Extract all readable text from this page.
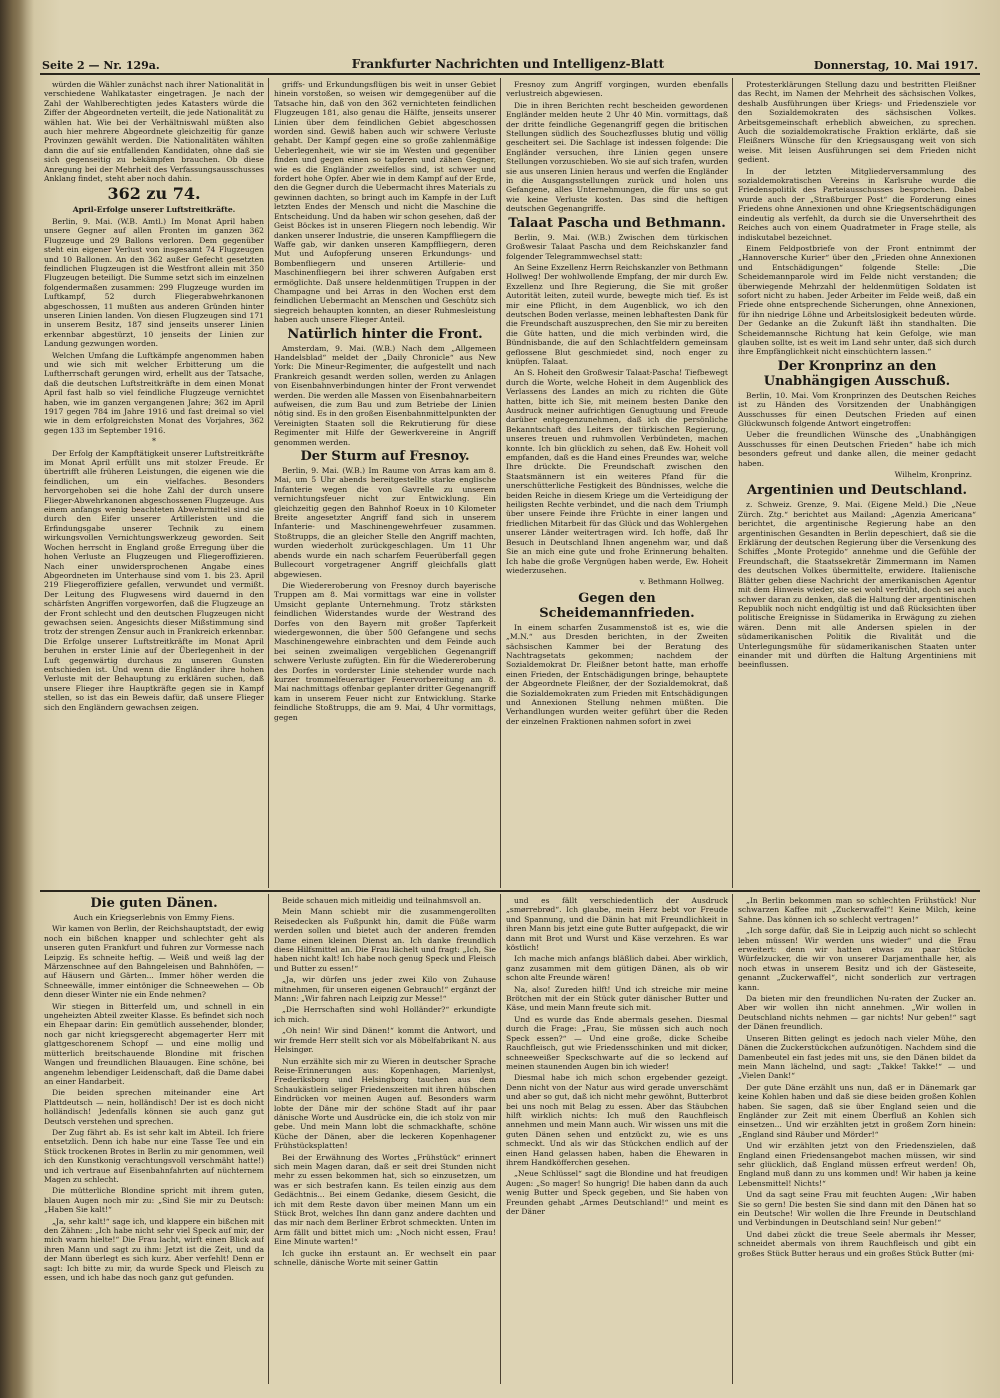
Seite 2 — Nr. 129a.	Frankfurter Nachrichten und Intelligenz-Blatt	Donnerstag, 10. Mai 1917.

würden die Wähler zunächst nach ihrer Nationalität in verschiedene Wahlkataster eingetragen. Je nach der Zahl der Wahlberechtigten jedes Katasters würde die Ziffer der Abgeordneten verteilt, die jede Nationalität zu wählen hat. Wie bei der Verhältniswahl müßten also auch hier mehrere Abgeordnete gleichzeitig für ganze Provinzen gewählt werden. Die Nationalitäten wählten dann die auf sie entfallenden Kandidaten, ohne daß sie sich gegenseitig zu bekämpfen brauchen. Ob diese Anregung bei der Mehrheit des Verfassungsausschusses Anklang findet, steht aber noch dahin.

362 zu 74.

April-Erfolge unserer Luftstreitkräfte.

Berlin, 9. Mai. (W.B. Amtl.) Im Monat April haben unsere Gegner auf allen Fronten im ganzen 362 Flugzeuge und 29 Ballons verloren. Dem gegenüber steht ein eigener Verlust von insgesamt 74 Flugzeugen und 10 Ballonen. An den 362 außer Gefecht gesetzten feindlichen Flugzeugen ist die Westfront allein mit 350 Flugzeugen beteiligt. Die Summe setzt sich im einzelnen folgendermaßen zusammen: 299 Flugzeuge wurden im Luftkampf, 52 durch Fliegerabwehrkanonen abgeschossen, 11 mußten aus anderen Gründen hinter unseren Linien landen. Von diesen Flugzeugen sind 171 in unserem Besitz, 187 sind jenseits unserer Linien erkennbar abgestürzt, 10 jenseits der Linien zur Landung gezwungen worden.

Welchen Umfang die Luftkämpfe angenommen haben und wie sich mit welcher Erbitterung um die Luftherrschaft gerungen wird, erhellt aus der Tatsache, daß die deutschen Luftstreitkräfte in dem einen Monat April fast halb so viel feindliche Flugzeuge vernichtet haben, wie im ganzen vergangenen Jahre; 362 im April 1917 gegen 784 im Jahre 1916 und fast dreimal so viel wie in dem erfolgreichsten Monat des Vorjahres, 362 gegen 133 im September 1916.

*

Der Erfolg der Kampftätigkeit unserer Luftstreitkräfte im Monat April erfüllt uns mit stolzer Freude. Er übertrifft alle früheren Leistungen, die eigenen wie die feindlichen, um ein vielfaches. Besonders hervorgehoben sei die hohe Zahl der durch unsere Flieger-Abwehrkanonen abgeschossenen Flugzeuge. Aus einem anfangs wenig beachteten Abwehrmittel sind sie durch den Eifer unserer Artilleristen und die Erfindungsgabe unserer Technik zu einem wirkungsvollen Vernichtungswerkzeug geworden. Seit Wochen herrscht in England große Erregung über die hohen Verluste an Flugzeugen und Fliegeroffizieren. Nach einer unwidersprochenen Angabe eines Abgeordneten im Unterhause sind vom 1. bis 23. April 219 Fliegeroffiziere gefallen, verwundet und vermißt. Der Leitung des Flugwesens wird dauernd in den schärfsten Angriffen vorgeworfen, daß die Flugzeuge an der Front schlecht und den deutschen Flugzeugen nicht gewachsen seien. Angesichts dieser Mißstimmung sind trotz der strengen Zensur auch in Frankreich erkennbar. Die Erfolge unserer Luftstreitkräfte im Monat April beruhen in erster Linie auf der Überlegenheit in der Luft gegenwärtig durchaus zu unseren Gunsten entschieden ist. Und wenn die Engländer ihre hohen Verluste mit der Behauptung zu erklären suchen, daß unsere Flieger ihre Hauptkräfte gegen sie in Kampf stellen, so ist das ein Beweis dafür, daß unsere Flieger sich den Engländern gewachsen zeigen.

griffs- und Erkundungsflügen bis weit in unser Gebiet hinein vorstoßen, so weisen wir demgegenüber auf die Tatsache hin, daß von den 362 vernichteten feindlichen Flugzeugen 181, also genau die Hälfte, jenseits unserer Linien über dem feindlichen Gebiet abgeschossen worden sind. Gewiß haben auch wir schwere Verluste gehabt. Der Kampf gegen eine so große zahlenmäßige Ueberlegenheit, wie wir sie im Westen und gegenüber finden und gegen einen so tapferen und zähen Gegner, wie es die Engländer zweifellos sind, ist schwer und fordert hohe Opfer. Aber wie in dem Kampf auf der Erde, den die Gegner durch die Uebermacht ihres Materials zu gewinnen dachten, so bringt auch im Kampfe in der Luft letzten Endes der Mensch und nicht die Maschine die Entscheidung. Und da haben wir schon gesehen, daß der Geist Böckes ist in unseren Fliegern noch lebendig. Wir danken unserer Industrie, die unseren Kampffliegern die Waffe gab, wir danken unseren Kampffliegern, deren Mut und Aufopferung unseren Erkundungs- und Bombenfliegern und unseren Artillerie- und Maschinenfliegern bei ihrer schweren Aufgaben erst ermöglichte. Daß unsere heldenmütigen Truppen in der Champagne und bei Arras in den Wochen erst dem feindlichen Uebermacht an Menschen und Geschütz sich siegreich behaupten konnten, an dieser Ruhmesleistung haben auch unsere Flieger Anteil.

Natürlich hinter die Front.

Amsterdam, 9. Mai. (W.B.) Nach dem „Allgemeen Handelsblad“ meldet der „Daily Chronicle“ aus New York: Die Mineur-Regimenter, die aufgestellt und nach Frankreich gesandt werden sollen, werden zu Anlagen von Eisenbahnverbindungen hinter der Front verwendet werden. Die werden alle Massen von Eisenbahnarbeitern aufweisen, die zum Bau und zum Betriebe der Linien nötig sind. Es in den großen Eisenbahnmittelpunkten der Vereinigten Staaten soll die Rekrutierung für diese Regimenter mit Hilfe der Gewerkvereine in Angriff genommen werden.

Der Sturm auf Fresnoy.

Berlin, 9. Mai. (W.B.) Im Raume von Arras kam am 8. Mai, um 5 Uhr abends bereitgestellte starke englische Infanterie wegen die von Gavrelle zu unserem vernichtungsfeuer nicht zur Entwicklung. Ein gleichzeitig gegen den Bahnhof Roeux in 10 Kilometer Breite angesetzter Angriff fand sich in unserem Infanterie- und Maschinengewehrfeuer zusammen. Stoßtrupps, die an gleicher Stelle den Angriff machten, wurden wiederholt zurückgeschlagen. Um 11 Uhr abends wurde ein nach scharfem Feuerüberfall gegen Bullecourt vorgetragener Angriff gleichfalls glatt abgewiesen.

Die Wiedereroberung von Fresnoy durch bayerische Truppen am 8. Mai vormittags war eine in vollster Umsicht geplante Unternehmung. Trotz stärksten feindlichen Widerstandes wurde der Westrand des Dorfes von den Bayern mit großer Tapferkeit wiedergewonnen, die über 500 Gefangene und sechs Maschinengewehre einbrachten und dem Feinde auch bei seinen zweimaligen vergeblichen Gegenangriff schwere Verluste zufügten. Ein für die Wiedereroberung des Dorfes in vorderster Linie stehender wurde nach kurzer trommelfeuerartiger Feuervorbereitung am 8. Mai nachmittags offenbar geplanter dritter Gegenangriff kam in unserem Feuer nicht zur Entwicklung. Starke feindliche Stoßtrupps, die am 9. Mai, 4 Uhr vormittags, gegen

Fresnoy zum Angriff vorgingen, wurden ebenfalls verlustreich abgewiesen.

Die in ihren Berichten recht bescheiden gewordenen Engländer melden heute 2 Uhr 40 Min. vormittags, daß der dritte feindliche Gegenangriff gegen die britischen Stellungen südlich des Souchezflusses blutig und völlig gescheitert sei. Die Sachlage ist indessen folgende: Die Engländer versuchen, ihre Linien gegen unsere Stellungen vorzuschieben. Wo sie auf sich trafen, wurden sie aus unseren Linien heraus und werfen die Engländer in die Ausgangsstellungen zurück und holen uns Gefangene, alles Unternehmungen, die für uns so gut wie keine Verluste kosten. Das sind die heftigen deutschen Gegenangriffe.

Talaat Pascha und Bethmann.

Berlin, 9. Mai. (W.B.) Zwischen dem türkischen Großwesir Talaat Pascha und dem Reichskanzler fand folgender Telegrammwechsel statt:

An Seine Exzellenz Herrn Reichskanzler von Bethmann Hollweg! Der wohlwollende Empfang, der mir durch Ew. Exzellenz und Ihre Regierung, die Sie mit großer Autorität leiten, zuteil wurde, bewegte mich tief. Es ist mir eine Pflicht, in dem Augenblick, wo ich den deutschen Boden verlasse, meinen lebhaftesten Dank für die Freundschaft auszusprechen, den Sie mir zu bereiten die Güte hatten, und die mich verbinden wird, die Bündnisbande, die auf den Schlachtfeldern gemeinsam geflossene Blut geschmiedet sind, noch enger zu knüpfen. Talaat.

An S. Hoheit den Großwesir Talaat-Pascha! Tiefbewegt durch die Worte, welche Hoheit in dem Augenblick des Verlassens des Landes an mich zu richten die Güte hatten, bitte ich Sie, mit meinem besten Danke den Ausdruck meiner aufrichtigen Genugtuung und Freude darüber entgegenzunehmen, daß ich die persönliche Bekanntschaft des Leiters der türkischen Regierung, unseres treuen und ruhmvollen Verbündeten, machen konnte. Ich bin glücklich zu sehen, daß Ew. Hoheit voll empfanden, daß es die Hand eines Freundes war, welche Ihre drückte. Die Freundschaft zwischen den Staatsmännern ist ein weiteres Pfand für die unerschütterliche Festigkeit des Bündnisses, welche die beiden Reiche in diesem Kriege um die Verteidigung der heiligsten Rechte verbindet, und die nach dem Triumph über unsere Feinde ihre Früchte in einer langen und friedlichen Mitarbeit für das Glück und das Wohlergehen unserer Länder weitertragen wird. Ich hoffe, daß Ihr Besuch in Deutschland Ihnen angenehm war, und daß Sie an mich eine gute und frohe Erinnerung behalten. Ich habe die große Vergnügen haben werde, Ew. Hoheit wiederzusehen.

v. Bethmann Hollweg.

Gegen den Scheidemannfrieden.

In einem scharfen Zusammenstoß ist es, wie die „M.N.“ aus Dresden berichten, in der Zweiten sächsischen Kammer bei der Beratung des Nachtragsetats gekommen; nachdem der Sozialdemokrat Dr. Fleißner betont hatte, man erhoffe einen Frieden, der Entschädigungen bringe, behauptete der Abgeordnete Fleißner, der der Sozialdemokrat, daß die Sozialdemokraten zum Frieden mit Entschädigungen und Annexionen Stellung nehmen müßten. Die Verhandlungen wurden weiter geführt über die Reden der einzelnen Fraktionen nahmen sofort in zwei

Protesterklärungen Stellung dazu und bestritten Fleißner das Recht, im Namen der Mehrheit des sächsischen Volkes, deshalb Ausführungen über Kriegs- und Friedensziele vor den Sozialdemokraten des sächsischen Volkes. Arbeitsgemeinschaft erheblich abweichen, zu sprechen. Auch die sozialdemokratische Fraktion erklärte, daß sie Fleißners Wünsche für den Kriegsausgang weit von sich weise. Mit leisen Ausführungen sei dem Frieden nicht gedient.

In der letzten Mitgliederversammlung des sozialdemokratischen Vereins in Karlsruhe wurde die Friedenspolitik des Parteiausschusses besprochen. Dabei wurde auch der „Straßburger Post“ die Forderung eines Friedens ohne Annexionen und ohne Kriegsentschädigungen eindeutig als verfehlt, da durch sie die Unversehrtheit des Reiches auch von einem Quadratmeter in Frage stelle, als indiskutabel bezeichnet.

Einem Feldpostbriefe von der Front entnimmt der „Hannoversche Kurier“ über den „Frieden ohne Annexionen und Entschädigungen“ folgende Stelle: „Die Scheidemannparole wird im Felde nicht verstanden; die überwiegende Mehrzahl der heldenmütigen Soldaten ist sofort nicht zu haben. Jeder Arbeiter im Felde weiß, daß ein Friede ohne entsprechende Sicherungen, ohne Annexionen, für ihn niedrige Löhne und Arbeitslosigkeit bedeuten würde. Der Gedanke an die Zukunft läßt ihn standhalten. Die Scheidemannsche Richtung hat kein Gefolge, wie man glauben sollte, ist es weit im Land sehr unter, daß sich durch ihre Empfänglichkeit nicht einschüchtern lassen.“

Der Kronprinz an den Unabhängigen Ausschuß.

Berlin, 10. Mai. Vom Kronprinzen des Deutschen Reiches ist zu Händen des Vorsitzenden der Unabhängigen Ausschusses für einen Deutschen Frieden auf einen Glückwunsch folgende Antwort eingetroffen:

Ueber die freundlichen Wünsche des „Unabhängigen Ausschusses für einen Deutschen Frieden“ habe ich mich besonders gefreut und danke allen, die meiner gedacht haben.

Wilhelm, Kronprinz.

Argentinien und Deutschland.

z. Schweiz. Grenze, 9. Mai. (Eigene Meld.) Die „Neue Zürch. Ztg.“ berichtet aus Mailand: „Agenzia Americana“ berichtet, die argentinische Regierung habe an den argentinischen Gesandten in Berlin depeschiert, daß sie die Erklärung der deutschen Regierung über die Versenkung des Schiffes „Monte Protegido“ annehme und die Gefühle der Freundschaft, die Staatssekretär Zimmermann im Namen des deutschen Volkes übermittelte, erwidere. Italienische Blätter geben diese Nachricht der amerikanischen Agentur mit dem Hinweis wieder, sie sei wohl verfrüht, doch sei auch schwer daran zu denken, daß die Haltung der argentinischen Republik noch nicht endgültig ist und daß Rücksichten über politische Ereignisse in Südamerika in Erwägung zu ziehen wären. Denn mit alle Andersen spielen in der südamerikanischen Politik die Rivalität und die Unterlegungsmühe für südamerikanischen Staaten unter einander mit und dürften die Haltung Argentiniens mit beeinflussen.

Die guten Dänen.

Auch ein Kriegserlebnis von Emmy Fiens.

Wir kamen von Berlin, der Reichshauptstadt, der ewig noch ein bißchen knapper und schlechter geht als unseren guten Frankfurt und fuhren zur Vormesse nach Leipzig. Es schneite heftig. — Weiß und weiß lag der Märzenschnee auf den Bahngeleisen und Bahnhöfen, — auf Häusern und Gärten... Immer höher werden die Schneewälle, immer eintöniger die Schneewehen — Ob denn dieser Winter nie ein Ende nehmen?

Wir stiegen in Bitterfeld um, und schnell in ein ungeheizten Abteil zweiter Klasse. Es befindet sich noch ein Ehepaar darin: Ein gemütlich aussehender, blonder, noch gar nicht kriegsgerecht abgemagerter Herr mit glattgeschorenem Schopf — und eine mollig und mütterlich breitschauende Blondine mit frischen Wangen und freundlichen Blauaugen. Eine schöne, bei angenehm lebendiger Leidenschaft, daß die Dame dabei an einer Handarbeit.

Die beiden sprechen miteinander eine Art Plattdeutsch — nein, holländisch! Der ist es doch nicht holländisch! Jedenfalls können sie auch ganz gut Deutsch verstehen und sprechen.

Der Zug fährt ab. Es ist sehr kalt im Abteil. Ich friere entsetzlich. Denn ich habe nur eine Tasse Tee und ein Stück trockenen Brotes in Berlin zu mir genommen, weil ich den Kunstkonig verachtungsvoll verschmäht hatte!) und ich vertraue auf Eisenbahnfahrten auf nüchternem Magen zu schlecht.

Die mütterliche Blondine spricht mit ihrem guten, blauen Augen noch mir zu: „Sind Sie mir zu Deutsch: „Haben Sie kalt!“

„Ja, sehr kalt!“ sage ich, und klappere ein bißchen mit den Zähnen: „Ich habe nicht sehr viel Speck auf mir, der mich warm hielte!“ Die Frau lacht, wirft einen Blick auf ihren Mann und sagt zu ihm: Jetzt ist die Zeit, und da der Mann überlegt es sich kurz. Aber verfehlt! Denn er sagt: Ich bitte zu mir, da wurde Speck und Fleisch zu essen, und ich habe das noch ganz gut gefunden.

Beide schauen mich mitleidig und teilnahmsvoll an.

Mein Mann schiebt mir die zusammengerollten Reisedecken als Fußpunkt hin, damit die Füße warm werden sollen und bietet auch der anderen fremden Dame einen kleinen Dienst an. Ich danke freundlich diese Hilfsmittel an. Die Frau lächelt und fragt: „Ich, Sie haben nicht kalt! Ich habe noch genug Speck und Fleisch und Butter zu essen!“

„Ja, wir dürfen uns jeder zwei Kilo von Zuhause mitnehmen, für unseren eigenen Gebrauch!“ ergänzt der Mann: „Wir fahren nach Leipzig zur Messe!“

„Die Herrschaften sind wohl Holländer?“ erkundigte ich mich.

„Oh nein! Wir sind Dänen!“ kommt die Antwort, und wir fremde Herr stellt sich vor als Möbelfabrikant N. aus Helsingør.

Nun erzählte sich mir zu Wieren in deutscher Sprache Reise-Erinnerungen aus: Kopenhagen, Marienlyst, Frederiksborg und Helsingborg tauchen aus dem Schaukästlein seliger Friedenszeiten mit ihren hübschen Eindrücken vor meinen Augen auf. Besonders warm lobte der Däne mir der schöne Stadt auf ihr paar dänische Worte und Ausdrücke ein, die ich stolz von mir gebe. Und mein Mann lobt die schmackhafte, schöne Küche der Dänen, aber die leckeren Kopenhagener Frühstücksplatten!

Bei der Erwähnung des Wortes „Frühstück“ erinnert sich mein Magen daran, daß er seit drei Stunden nicht mehr zu essen bekommen hat, sich so einzusetzen, um was er sich bestrafen kann. Es teilen einzig aus dem Gedächtnis... Bei einem Gedanke, diesem Gesicht, die ich mit dem Reste davon über meinen Mann um ein Stück Brot, welches Ihn dann ganz andere dachten und das mir nach dem Berliner Erbrot schmeckten. Unten im Arm fällt und bittet mich um: „Noch nicht essen, Frau! Eine Minute warten!“

Ich gucke ihn erstaunt an. Er wechselt ein paar schnelle, dänische Worte mit seiner Gattin

und es fällt verschiedentlich der Ausdruck „smørrebrød“. Ich glaube, mein Herz bebt vor Freude und Spannung, und die Dänin hat mit Freundlichkeit in ihren Mann bis jetzt eine gute Butter aufgepackt, die wir dann mit Brot und Wurst und Käse verzehren. Es war köstlich!

Ich mache mich anfangs bläßlich dabei. Aber wirklich, ganz zusammen mit dem gütigen Dänen, als ob wir schon alte Freunde wären!

Na, also! Zureden hilft! Und ich streiche mir meine Brötchen mit der ein Stück guter dänischer Butter und Käse, und mein Mann freute sich mit.

Und es wurde das Ende abermals gesehen. Diesmal durch die Frage: „Frau, Sie müssen sich auch noch Speck essen?“ — Und eine große, dicke Scheibe Rauchfleisch, gut wie Friedensschinken und mit dicker, schneeweißer Speckschwarte auf die so leckend auf meinen staunenden Augen bin ich wieder!

Diesmal habe ich mich schon ergebender gezeigt. Denn nicht von der Natur aus wird gerade unverschämt und aber so gut, daß ich nicht mehr gewöhnt, Butterbrot bei uns noch mit Belag zu essen. Aber das Stäubchen hilft wirklich nichts: Ich muß den Rauchfleisch annehmen und mein Mann auch. Wir wissen uns mit die guten Dänen sehen und entzückt zu, wie es uns schmeckt. Und als wir das Stückchen endlich auf der einen Hand gelassen haben, haben die Ehewaren in ihrem Handköfferchen gesehen.

„Neue Schlüssel“ sagt die Blondine und hat freudigen Augen: „So mager! So hungrig! Die haben dann da auch wenig Butter und Speck gegeben, und Sie haben von Freunden gehabt „Armes Deutschland!“ und meint es der Däner

„In Berlin bekommen man so schlechten Frühstück! Nur schwarzen Kaffee mit „Zuckerwaffel“! Keine Milch, keine Sahne. Das können ich so schlecht vertragen!“

„Ich sorge dafür, daß Sie in Leipzig auch nicht so schlecht leben müssen! Wir werden uns wieder“ und die Frau erweitert: denn wir hatten etwas zu paar Stücke Würfelzucker, die wir von unserer Darjamenthalle her, als noch etwas in unserem Besitz und ich der Gästeseite, genannt „Zuckerwaffel“, nicht sonderlich zur vertragen kann.

Da bieten mir den freundlichen Nu-raten der Zucker an. Aber wir wollen ihn nicht annehmen. „Wir wollen in Deutschland nichts nehmen — gar nichts! Nur geben!“ sagt der Dänen freundlich.

Unseren Bitten gelingt es jedoch nach vieler Mühe, den Dänen die Zuckerstückchen aufzunötigen. Nachdem sind die Damenbeutel ein fast jedes mit uns, sie den Dänen bildet da mein Mann lächelnd, und sagt: „Takke! Takke!“ — und „Vielen Dank!“

Der gute Däne erzählt uns nun, daß er in Dänemark gar keine Kohlen haben und daß sie diese beiden großen Kohlen haben. Sie sagen, daß sie über England seien und die Engländer zur Zeit mit einem Überfluß an Kohlen sich einsetzen... Und wir erzählten jetzt in großem Zorn hinein: „England sind Räuber und Mörder!“

Und wir erzählten jetzt von den Friedenszielen, daß England einen Friedensangebot machen müssen, wir sind sehr glücklich, daß England müssen erfreut werden! Oh, England muß dann zu uns kommen und! Wir haben ja keine Lebensmittel! Nichts!“

Und da sagt seine Frau mit feuchten Augen: „Wir haben Sie so gern! Die besten Sie sind dann mit den Dänen hat so ein Deutsche! Wir wollen die Ihre Freunde in Deutschland und Verbindungen in Deutschland sein! Nur geben!“

Und dabei zückt die treue Seele abermals ihr Messer, schneidet abermals von ihrem Rauchfleisch und gibt ein großes Stück Butter heraus und ein großes Stück Butter (mi-
